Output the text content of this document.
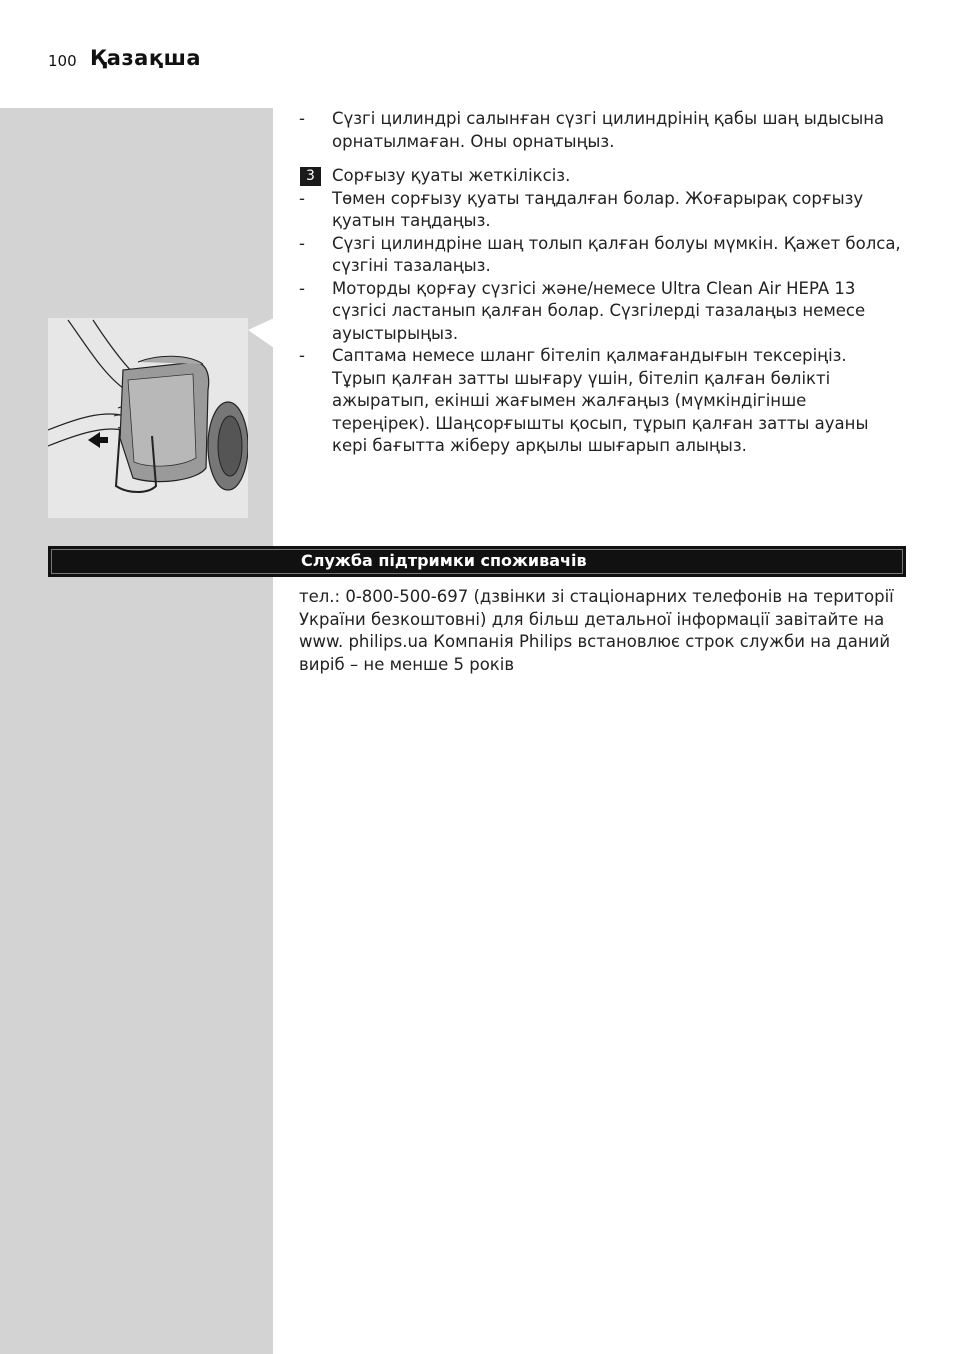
100 Қазақша

- Сүзгі цилиндрі салынған сүзгі цилиндрінің қабы шаң ыдысына орнатылмаған. Оны орнатыңыз.

3	Сорғызу қуаты жеткіліксіз.

- Төмен сорғызу қуаты таңдалған болар. Жоғарырақ сорғызу қуатын таңдаңыз.

- Сүзгі цилиндріне шаң толып қалған болуы мүмкін. Қажет болса, сүзгіні тазалаңыз.

- Моторды қорғау сүзгісі және/немесе Ultra Clean Air HEPA 13 сүзгісі ластанып қалған болар. Сүзгілерді тазалаңыз немесе ауыстырыңыз.

- Саптама немесе шланг бітеліп қалмағандығын тексеріңіз. Тұрып қалған затты шығару үшін, бітеліп қалған бөлікті ажыратып, екінші жағымен жалғаңыз (мүмкіндігінше тереңірек). Шаңсорғышты қосып, тұрып қалған затты ауаны кері бағытта жіберу арқылы шығарып алыңыз.

Служба підтримки споживачів
тел.: 0-800-500-697 (дзвінки зі стаціонарних телефонів на території України безкоштовні) для більш детальної інформації завітайте на www. philips.ua Компанія Philips встановлює строк служби на даний виріб – не менше 5 років
